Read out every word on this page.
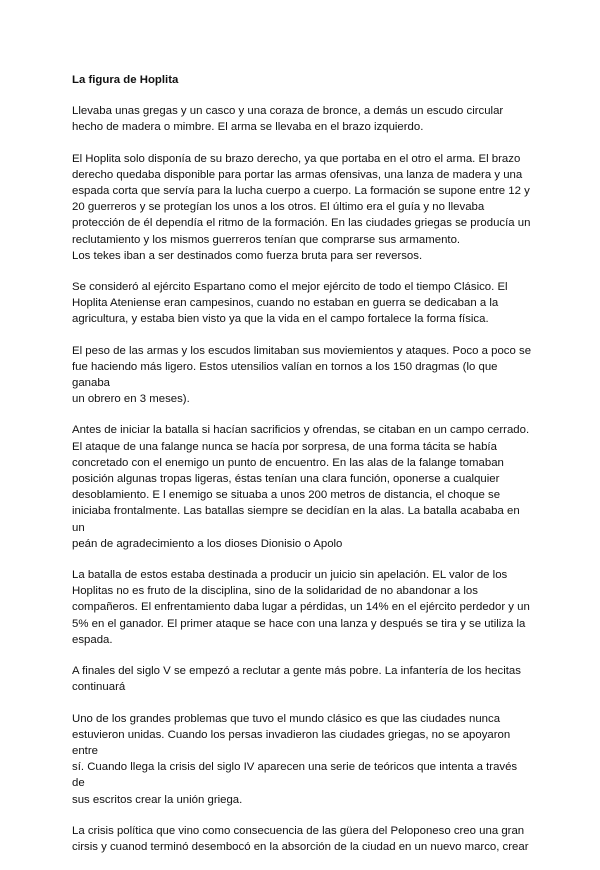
La figura de Hoplita
Llevaba unas gregas y un casco y una coraza de bronce, a demás un escudo circular
hecho de madera o mimbre. El arma se llevaba en el brazo izquierdo.
El Hoplita solo disponía de su brazo derecho, ya que portaba en el otro el arma. El brazo
derecho quedaba disponible para portar las armas ofensivas, una lanza de madera y una
espada corta que servía para la lucha cuerpo a cuerpo. La formación se supone entre 12 y
20 guerreros y se protegían los unos a los otros. El último era el guía y no llevaba
protección de él dependía el ritmo de la formación. En las ciudades griegas se producía un
reclutamiento y los mismos guerreros tenían que comprarse sus armamento.
Los tekes iban a ser destinados como fuerza bruta para ser reversos.
Se consideró al ejército Espartano como el mejor ejército de todo el tiempo Clásico. El
Hoplita Ateniense eran campesinos, cuando no estaban en guerra se dedicaban a la
agricultura, y estaba bien visto ya que la vida en el campo fortalece la forma física.
El peso de las armas y los escudos limitaban sus moviemientos y ataques. Poco a poco se
fue haciendo más ligero. Estos utensilios valían en tornos a los 150 dragmas (lo que ganaba
un obrero en 3 meses).
Antes de iniciar la batalla si hacían sacrificios y ofrendas, se citaban en un campo cerrado.
El ataque de una falange nunca se hacía por sorpresa, de una forma tácita se había
concretado con el enemigo un punto de encuentro. En las alas de la falange tomaban
posición algunas tropas ligeras, éstas tenían una clara función, oponerse a cualquier
desoblamiento. E l enemigo se situaba a unos 200 metros de distancia, el choque se
iniciaba frontalmente. Las batallas siempre se decidían en la alas. La batalla acababa en un
peán de agradecimiento a los dioses Dionisio o Apolo
La batalla de estos estaba destinada a producir un juicio sin apelación. EL valor de los
Hoplitas no es fruto de la disciplina, sino de la solidaridad de no abandonar a los
compañeros. El enfrentamiento daba lugar a pérdidas, un 14% en el ejército perdedor y un
5% en el ganador. El primer ataque se hace con una lanza y después se tira y se utiliza la
espada.
A finales del siglo V se empezó a reclutar a gente más pobre. La infantería de los hecitas
continuará
Uno de los grandes problemas que tuvo el mundo clásico es que las ciudades nunca
estuvieron unidas. Cuando los persas invadieron las ciudades griegas, no se apoyaron entre
sí. Cuando llega la crisis del siglo IV aparecen una serie de teóricos que intenta a través de
sus escritos crear la unión griega.
La crisis política que vino como consecuencia de las güera del Peloponeso creo una gran
cirsis y cuanod terminó desembocó en la absorción de la ciudad en un nuevo marco, crear
